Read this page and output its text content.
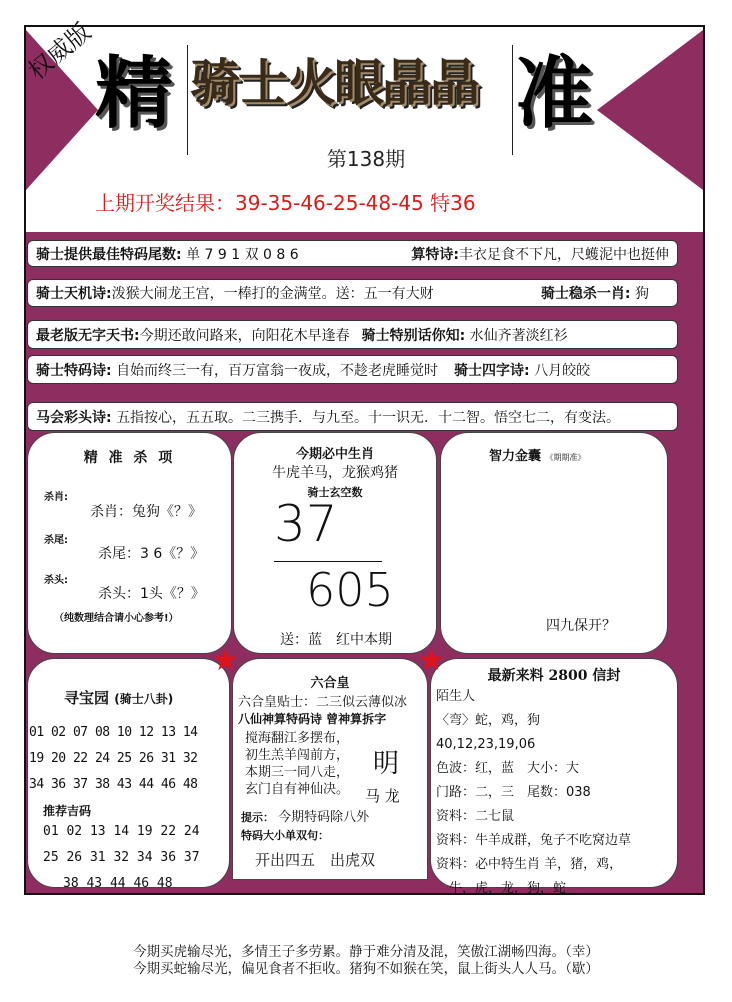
权威版
精 骑士火眼晶晶 准
第138期
上期开奖结果：39-35-46-25-48-45 特36
骑士提供最佳特码尾数: 单 7 9 1 双 0 8 6	算特诗:丰衣足食不下凡，尺蠖泥中也挺伸
骑士天机诗:泼猴大闹龙王宫，一棒打的金满堂。送：五一有大财	骑士稳杀一肖: 狗
最老版无字天书:今期还敢问路来，向阳花木早逢春 骑士特别话你知: 水仙齐著淡红衫
骑士特码诗: 自始而终三一有，百万富翁一夜成，不趁老虎睡觉时 骑士四字诗: 八月皎皎
马会彩头诗: 五指按心，五五取。二三携手．与九至。十一识无．十二智。悟空七二，有变法。
精 准 杀 项
杀肖:
杀肖：兔狗《？》
杀尾:
杀尾：3 6《？》
杀头:
杀头：1头《？》
（纯数理结合请小心参考!）
今期必中生肖
牛虎羊马，龙猴鸡猪
骑士玄空数
37
605
送：蓝　红中本期
智力金囊 《期期准》
四九保开？
寻宝园 (骑士八卦)
01 02 07 08 10 12 13 14
19 20 22 24 25 26 31 32
34 36 37 38 43 44 46 48
推荐吉码
01 02 13 14 19 22 24
25 26 31 32 34 36 37
38 43 44 46 48
六合皇
六合皇贴士：二三似云薄似冰
八仙神算特码诗 曾神算拆字
搅海翻江多摆布，
初生羔羊闯前方，
本期三一同八走，
玄门自有神仙决。
明
马 龙
提示： 今期特码除八外
特码大小单双句：
开出四五　出虎双
最新来料 2800 信封
陌生人
〈弯〉蛇，鸡，狗
40,12,23,19,06
色波：红，蓝　大小：大
门路：二，三　尾数：038
资料：二七鼠
资料：牛羊成群，兔子不吃窝边草
资料：必中特生肖 羊，猪，鸡，
　牛，虎，龙，狗，蛇
★	★
今期买虎输尽光，多情王子多劳累。静于难分清及混，笑傲江湖畅四海。（幸）
今期买蛇输尽光，偏见食者不拒收。猪狗不如猴在笑，鼠上街头人人马。（歇）
